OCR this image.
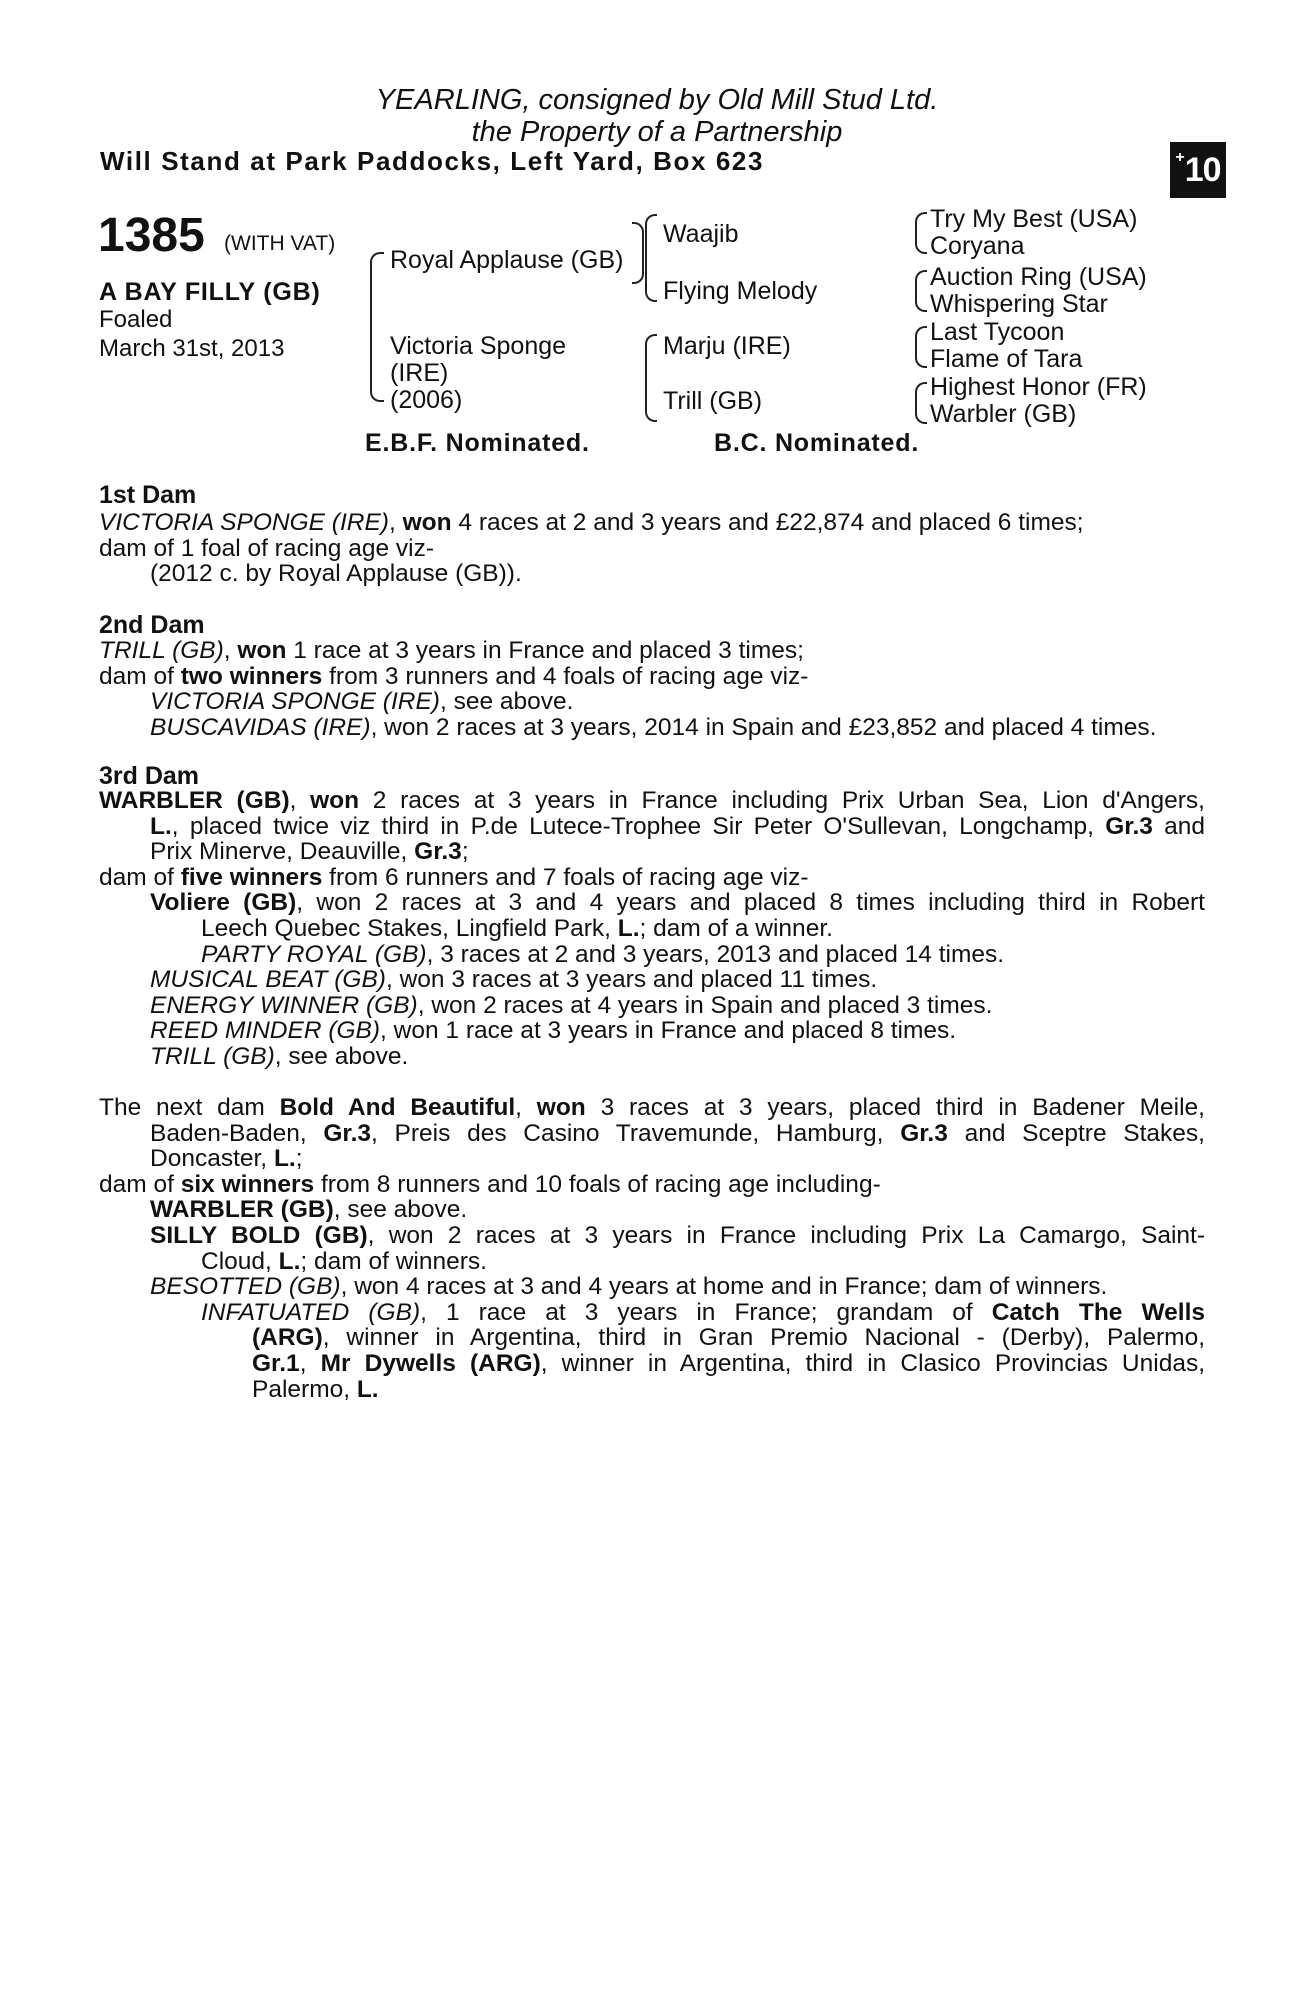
YEARLING, consigned by Old Mill Stud Ltd.
the Property of a Partnership
Will Stand at Park Paddocks, Left Yard, Box 623	+ 10
1385 (WITH VAT)
A BAY FILLY (GB)
Foaled
March 31st, 2013
Royal Applause (GB)
Victoria Sponge
(IRE)
(2006)
Waajib
Flying Melody
Marju (IRE)
Trill (GB)
Try My Best (USA)
Coryana
Auction Ring (USA)
Whispering Star
Last Tycoon
Flame of Tara
Highest Honor (FR)
Warbler (GB)
E.B.F. Nominated.	B.C. Nominated.
1st Dam
VICTORIA SPONGE (IRE), won 4 races at 2 and 3 years and £22,874 and placed 6 times;
dam of 1 foal of racing age viz-
(2012 c. by Royal Applause (GB)).
2nd Dam
TRILL (GB), won 1 race at 3 years in France and placed 3 times;
dam of two winners from 3 runners and 4 foals of racing age viz-
VICTORIA SPONGE (IRE), see above.
BUSCAVIDAS (IRE), won 2 races at 3 years, 2014 in Spain and £23,852 and placed 4 times.
3rd Dam
WARBLER (GB), won 2 races at 3 years in France including Prix Urban Sea, Lion d'Angers,
L., placed twice viz third in P.de Lutece-Trophee Sir Peter O'Sullevan, Longchamp, Gr.3 and
Prix Minerve, Deauville, Gr.3;
dam of five winners from 6 runners and 7 foals of racing age viz-
Voliere (GB), won 2 races at 3 and 4 years and placed 8 times including third in Robert
Leech Quebec Stakes, Lingfield Park, L.; dam of a winner.
PARTY ROYAL (GB), 3 races at 2 and 3 years, 2013 and placed 14 times.
MUSICAL BEAT (GB), won 3 races at 3 years and placed 11 times.
ENERGY WINNER (GB), won 2 races at 4 years in Spain and placed 3 times.
REED MINDER (GB), won 1 race at 3 years in France and placed 8 times.
TRILL (GB), see above.
The next dam Bold And Beautiful, won 3 races at 3 years, placed third in Badener Meile,
Baden-Baden, Gr.3, Preis des Casino Travemunde, Hamburg, Gr.3 and Sceptre Stakes,
Doncaster, L.;
dam of six winners from 8 runners and 10 foals of racing age including-
WARBLER (GB), see above.
SILLY BOLD (GB), won 2 races at 3 years in France including Prix La Camargo, Saint-
Cloud, L.; dam of winners.
BESOTTED (GB), won 4 races at 3 and 4 years at home and in France; dam of winners.
INFATUATED (GB), 1 race at 3 years in France; grandam of Catch The Wells
(ARG), winner in Argentina, third in Gran Premio Nacional - (Derby), Palermo,
Gr.1, Mr Dywells (ARG), winner in Argentina, third in Clasico Provincias Unidas,
Palermo, L.
